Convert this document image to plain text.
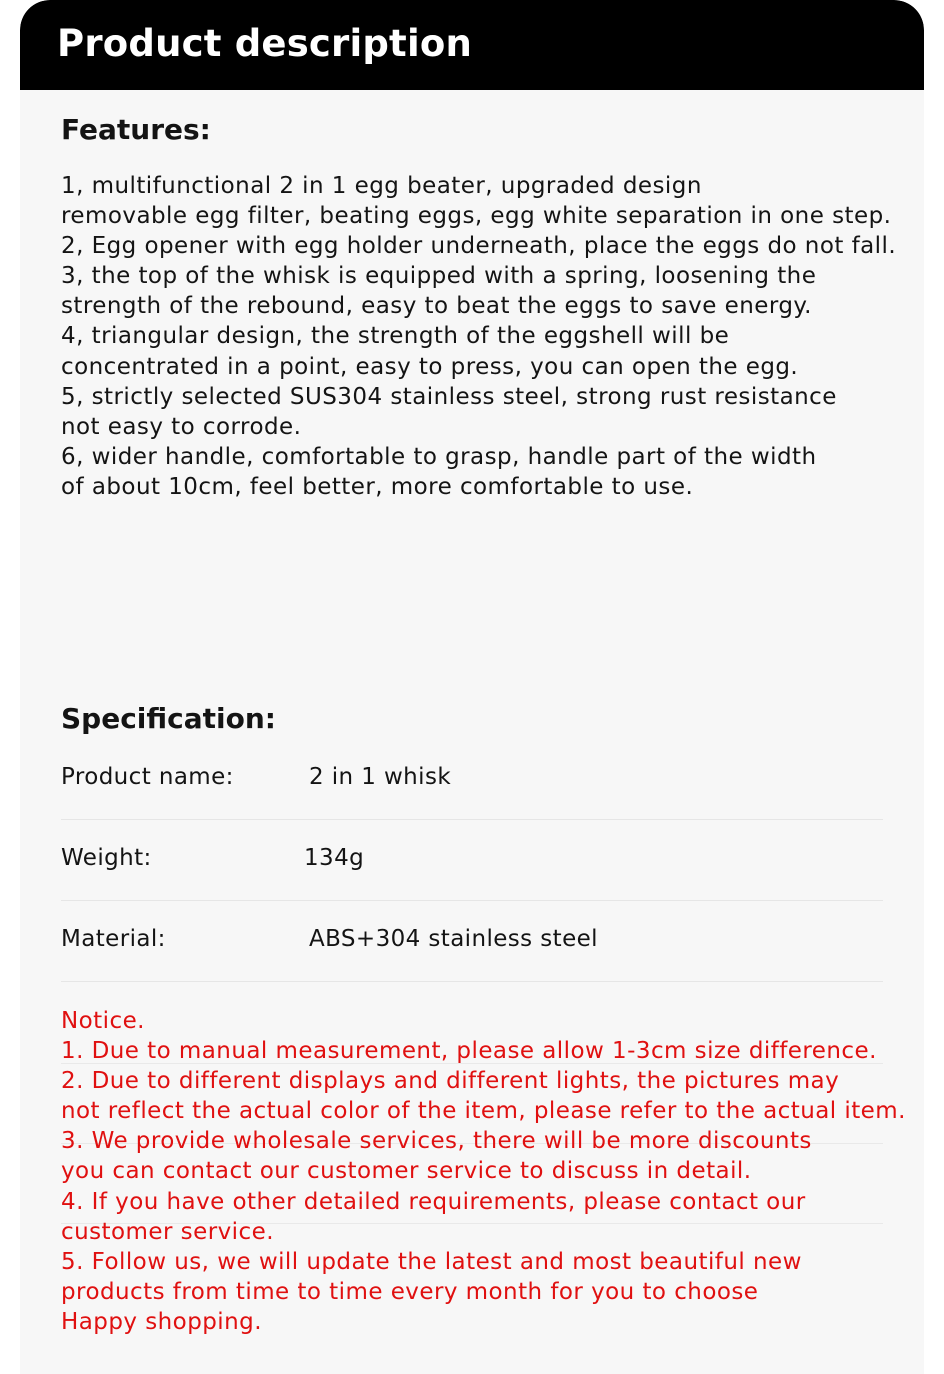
Product description
Features:
1, multifunctional 2 in 1 egg beater, upgraded design
removable egg filter, beating eggs, egg white separation in one step.
2, Egg opener with egg holder underneath, place the eggs do not fall.
3, the top of the whisk is equipped with a spring, loosening the
strength of the rebound, easy to beat the eggs to save energy.
4, triangular design, the strength of the eggshell will be
concentrated in a point, easy to press, you can open the egg.
5, strictly selected SUS304 stainless steel, strong rust resistance
not easy to corrode.
6, wider handle, comfortable to grasp, handle part of the width
of about 10cm, feel better, more comfortable to use.
Specification:
Product name:	2 in 1 whisk
Weight:	134g
Material:	ABS+304 stainless steel
Notice.
1. Due to manual measurement, please allow 1-3cm size difference.
2. Due to different displays and different lights, the pictures may
not reflect the actual color of the item, please refer to the actual item.
3. We provide wholesale services, there will be more discounts
you can contact our customer service to discuss in detail.
4. If you have other detailed requirements, please contact our
customer service.
5. Follow us, we will update the latest and most beautiful new
products from time to time every month for you to choose
Happy shopping.
